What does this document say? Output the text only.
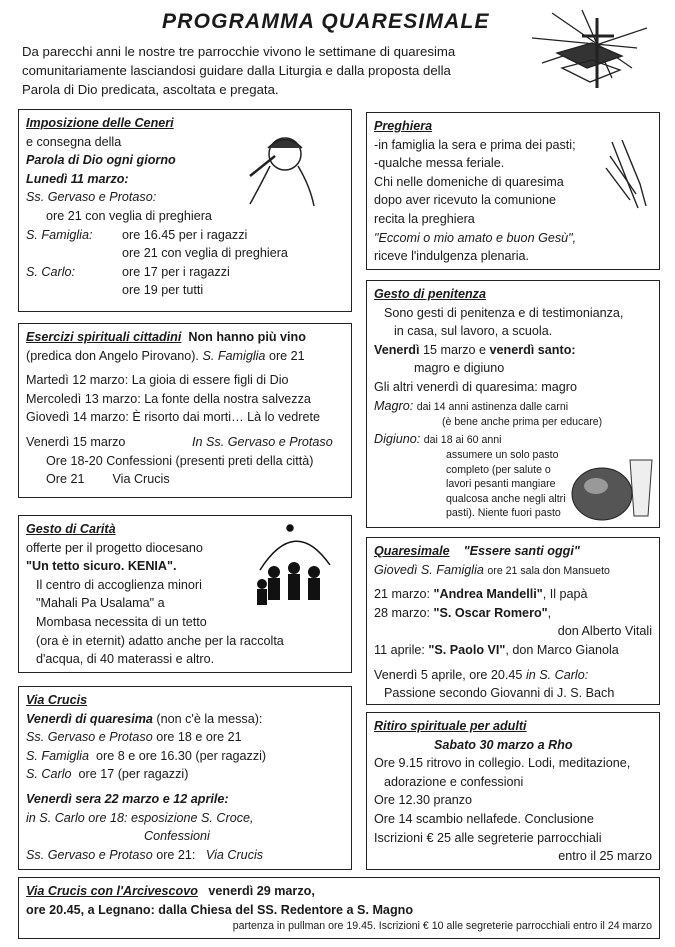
PROGRAMMA QUARESIMALE
Da parecchi anni le nostre tre parrocchie vivono le settimane di quaresima
comunitariamente lasciandosi guidare dalla Liturgia e dalla proposta della
Parola di Dio predicata, ascoltata e pregata.
Imposizione delle Ceneri
e consegna della
Parola di Dio ogni giorno
Lunedì 11 marzo:
Ss. Gervaso e Protaso:
ore 21 con veglia di preghiera
S. Famiglia: ore 16.45 per i ragazzi
ore 21 con veglia di preghiera

S. Carlo:	ore 17 per i ragazzi
ore 19 per tutti

Preghiera
-in famiglia la sera e prima dei pasti;
-qualche messa feriale.
Chi nelle domeniche di quaresima
dopo aver ricevuto la comunione
recita la preghiera
"Eccomi o mio amato e buon Gesù",
riceve l'indulgenza plenaria.
Esercizi spirituali cittadini Non hanno più vino
(predica don Angelo Pirovano). S. Famiglia ore 21
Martedì 12 marzo: La gioia di essere figli di Dio
Mercoledì 13 marzo: La fonte della nostra salvezza
Giovedì 14 marzo: È risorto dai morti… Là lo vedrete
Venerdì 15 marzo	In Ss. Gervaso e Protaso
Ore 18-20 Confessioni (presenti preti della città)
Ore 21        Via Crucis
Gesto di penitenza
Sono gesti di penitenza e di testimonianza,
in casa, sul lavoro, a scuola.
Venerdì 15 marzo e venerdì santo:
magro e digiuno
Gli altri venerdì di quaresima: magro
Magro: dai 14 anni astinenza dalle carni
(è bene anche prima per educare)
Digiuno: dai 18 ai 60 anni
assumere un solo pasto
completo (per salute o
lavori pesanti mangiare
qualcosa anche negli altri
pasti). Niente fuori pasto
Gesto di Carità
offerte per il progetto diocesano
"Un tetto sicuro. KENIA".
Il centro di accoglienza minori
"Mahali Pa Usalama" a
Mombasa necessita di un tetto
(ora è in eternit) adatto anche per la raccolta
d'acqua, di 40 materassi e altro.
Quaresimale "Essere santi oggi"
Giovedì S. Famiglia ore 21 sala don Mansueto
21 marzo: "Andrea Mandelli", Il papà
28 marzo: "S. Oscar Romero",
don Alberto Vitali
11 aprile: "S. Paolo VI", don Marco Gianola
Venerdì 5 aprile, ore 20.45 in S. Carlo:
Passione secondo Giovanni di J. S. Bach
Via Crucis
Venerdì di quaresima (non c'è la messa):
Ss. Gervaso e Protaso ore 18 e ore 21
S. Famiglia ore 8 e ore 16.30 (per ragazzi)
S. Carlo ore 17 (per ragazzi)
Venerdì sera 22 marzo e 12 aprile:
in S. Carlo ore 18: esposizione S. Croce,
Confessioni
Ss. Gervaso e Protaso ore 21: Via Crucis
Ritiro spirituale per adulti
Sabato 30 marzo a Rho
Ore 9.15 ritrovo in collegio. Lodi, meditazione,
adorazione e confessioni
Ore 12.30 pranzo
Ore 14 scambio nellafede. Conclusione
Iscrizioni € 25 alle segreterie parrocchiali
entro il 25 marzo
Via Crucis con l'Arcivescovo venerdì 29 marzo,
ore 20.45, a Legnano: dalla Chiesa del SS. Redentore a S. Magno
partenza in pullman ore 19.45. Iscrizioni € 10 alle segreterie parrocchiali entro il 24 marzo
